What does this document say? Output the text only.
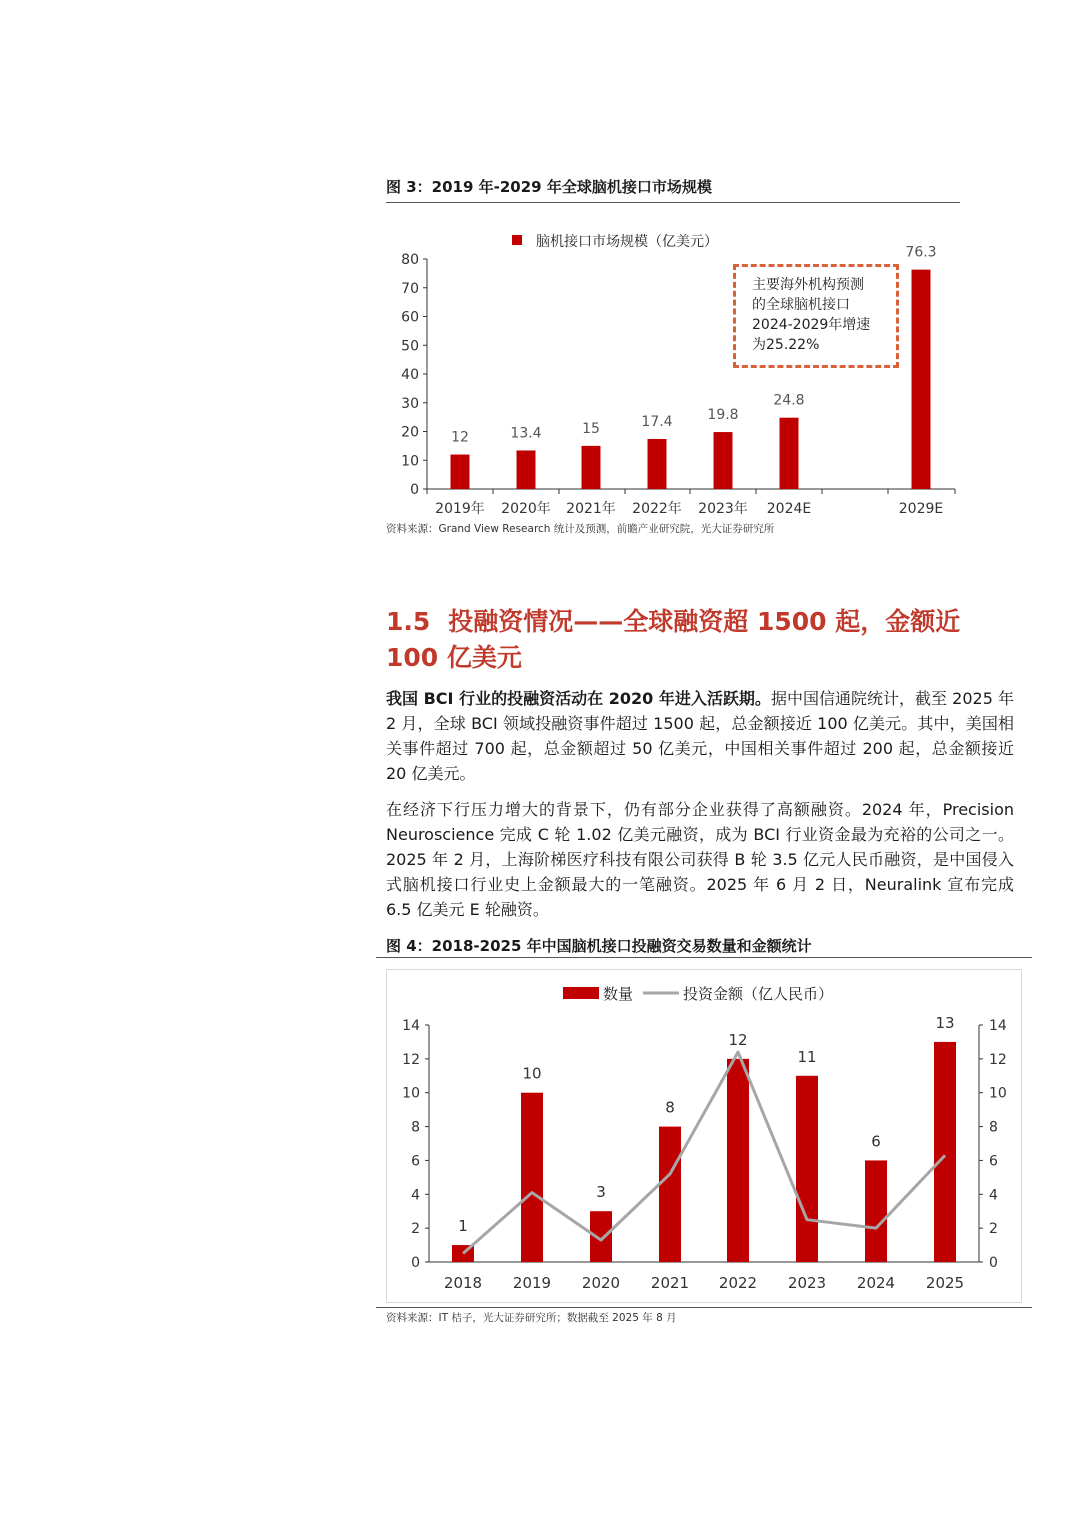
图 3：2019 年-2029 年全球脑机接口市场规模
0
10
20
30
40
50
60
70
80
12
2019年
13.4
2020年
15
2021年
17.4
2022年
19.8
2023年
24.8
2024E
76.3
2029E
脑机接口市场规模（亿美元）
主要海外机构预测
的全球脑机接口
2024-2029年增速
为25.22%
资料来源：Grand View Research 统计及预测，前瞻产业研究院，光大证券研究所
1.5 投融资情况——全球融资超 1500 起，金额近 100 亿美元

我国 BCI 行业的投融资活动在 2020 年进入活跃期。据中国信通院统计，截至 2025 年 2 月，全球 BCI 领域投融资事件超过 1500 起，总金额接近 100 亿美元。其中，美国相关事件超过 700 起，总金额超过 50 亿美元，中国相关事件超过 200 起，总金额接近 20 亿美元。

在经济下行压力增大的背景下，仍有部分企业获得了高额融资。2024 年，Precision Neuroscience 完成 C 轮 1.02 亿美元融资，成为 BCI 行业资金最为充裕的公司之一。2025 年 2 月，上海阶梯医疗科技有限公司获得 B 轮 3.5 亿元人民币融资，是中国侵入式脑机接口行业史上金额最大的一笔融资。2025 年 6 月 2 日，Neuralink 宣布完成 6.5 亿美元 E 轮融资。

图 4：2018-2025 年中国脑机接口投融资交易数量和金额统计
0	0
2	2
4	4
6	6
8	8
10	10
12	12
14	14
1
2018
10
2019
3
2020
8
2021
12
2022
11
2023
6
2024
13
2025
数量	投资金额（亿人民币）
资料来源：IT 桔子，光大证券研究所；数据截至 2025 年 8 月
